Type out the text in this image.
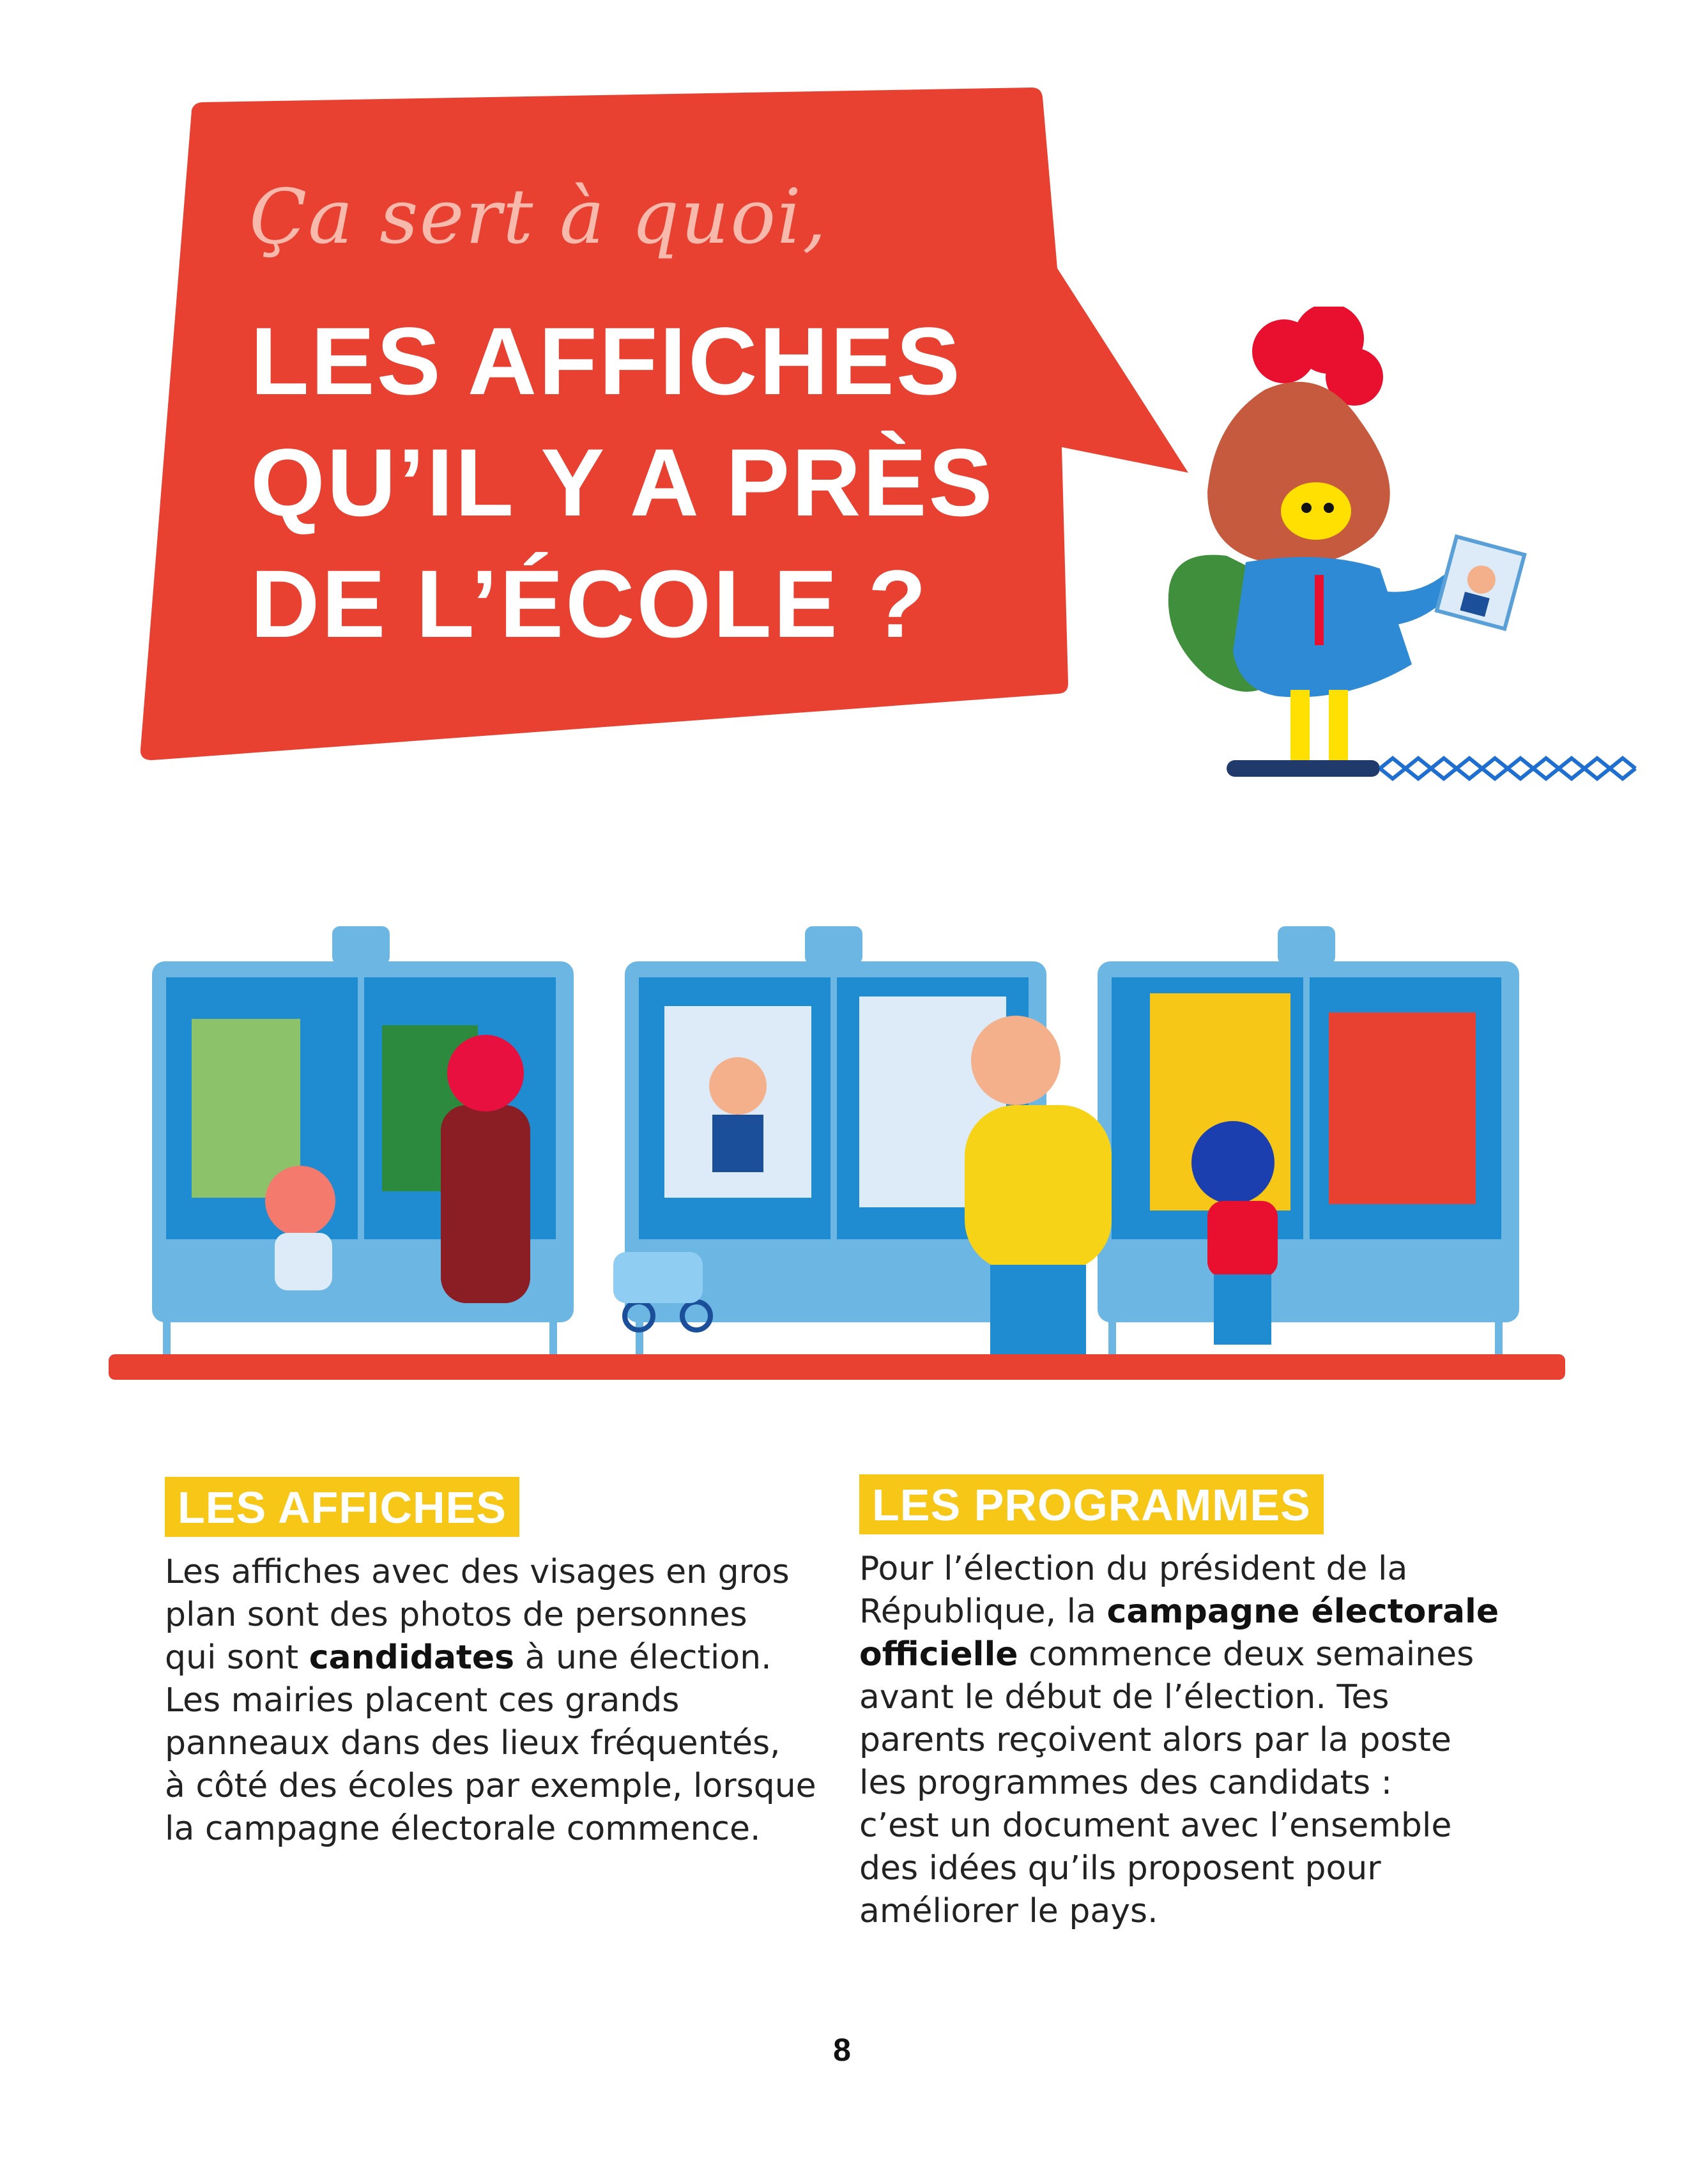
Ça sert à quoi,
LES AFFICHES
QU’IL Y A PRÈS
DE L’ÉCOLE ?
LES AFFICHES
Les affiches avec des visages en gros
plan sont des photos de personnes
qui sont candidates à une élection.
Les mairies placent ces grands
panneaux dans des lieux fréquentés,
à côté des écoles par exemple, lorsque
la campagne électorale commence.
LES PROGRAMMES
Pour l’élection du président de la
République, la campagne électorale
officielle commence deux semaines
avant le début de l’élection. Tes
parents reçoivent alors par la poste
les programmes des candidats :
c’est un document avec l’ensemble
des idées qu’ils proposent pour
améliorer le pays.
8
